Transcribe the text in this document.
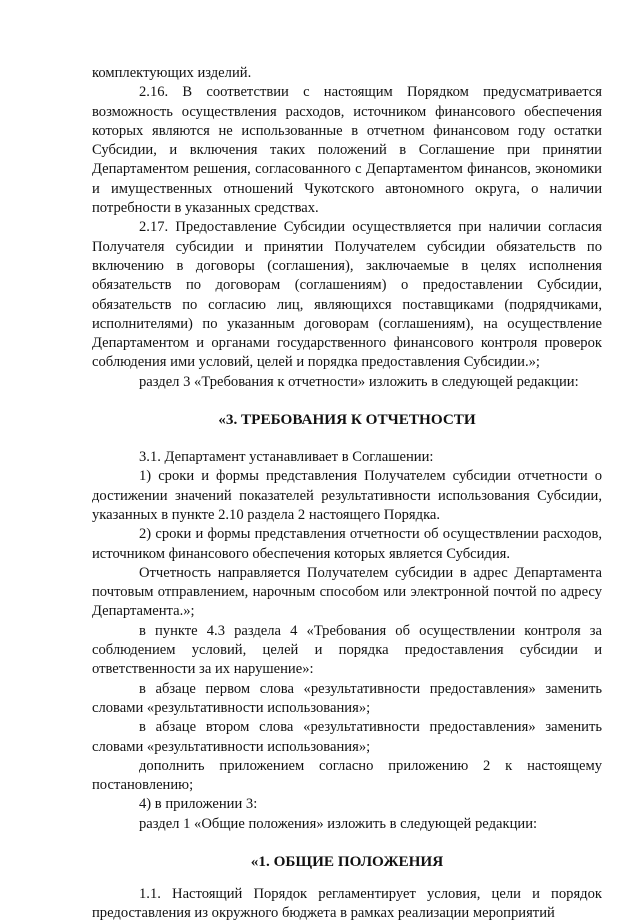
комплектующих изделий.

2.16. В соответствии с настоящим Порядком предусматривается возможность осуществления расходов, источником финансового обеспечения которых являются не использованные в отчетном финансовом году остатки Субсидии, и включения таких положений в Соглашение при принятии Департаментом решения, согласованного с Департаментом финансов, экономики и имущественных отношений Чукотского автономного округа, о наличии потребности в указанных средствах.

2.17. Предоставление Субсидии осуществляется при наличии согласия Получателя субсидии и принятии Получателем субсидии обязательств по включению в договоры (соглашения), заключаемые в целях исполнения обязательств по договорам (соглашениям) о предоставлении Субсидии, обязательств по согласию лиц, являющихся поставщиками (подрядчиками, исполнителями) по указанным договорам (соглашениям), на осуществление Департаментом и органами государственного финансового контроля проверок соблюдения ими условий, целей и порядка предоставления Субсидии.»;

раздел 3 «Требования к отчетности» изложить в следующей редакции:

«3. ТРЕБОВАНИЯ К ОТЧЕТНОСТИ

3.1. Департамент устанавливает в Соглашении:

1) сроки и формы представления Получателем субсидии отчетности о достижении значений показателей результативности использования Субсидии, указанных в пункте 2.10 раздела 2 настоящего Порядка.

2) сроки и формы представления отчетности об осуществлении расходов, источником финансового обеспечения которых является Субсидия.

Отчетность направляется Получателем субсидии в адрес Департамента почтовым отправлением, нарочным способом или электронной почтой по адресу Департамента.»;

в пункте 4.3 раздела 4 «Требования об осуществлении контроля за соблюдением условий, целей и порядка предоставления субсидии и ответственности за их нарушение»:

в абзаце первом слова «результативности предоставления» заменить словами «результативности использования»;

в абзаце втором слова «результативности предоставления» заменить словами «результативности использования»;

дополнить приложением согласно приложению 2 к настоящему постановлению;

4) в приложении 3:

раздел 1 «Общие положения» изложить в следующей редакции:

«1. ОБЩИЕ ПОЛОЖЕНИЯ

1.1. Настоящий Порядок регламентирует условия, цели и порядок предоставления из окружного бюджета в рамках реализации мероприятий
